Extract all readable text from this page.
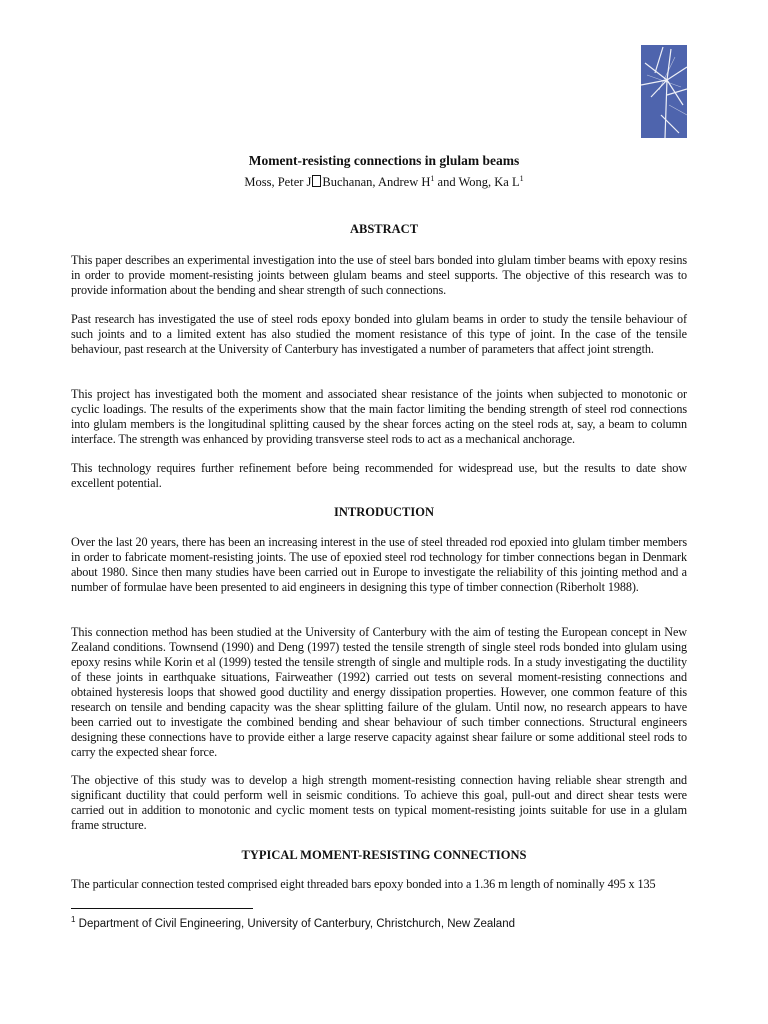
Moment-resisting connections in glulam beams
Moss, Peter J Buchanan, Andrew $H^1$ and Wong, Ka $L^1$
ABSTRACT

This paper describes an experimental investigation into the use of steel bars bonded into glulam timber beams with epoxy resins in order to provide moment-resisting joints between glulam beams and steel supports. The objective of this research was to provide information about the bending and shear strength of such connections.

Past research has investigated the use of steel rods epoxy bonded into glulam beams in order to study the tensile behaviour of such joints and to a limited extent has also studied the moment resistance of this type of joint. In the case of the tensile behaviour, past research at the University of Canterbury has investigated a number of parameters that affect joint strength.

This project has investigated both the moment and associated shear resistance of the joints when subjected to monotonic or cyclic loadings. The results of the experiments show that the main factor limiting the bending strength of steel rod connections into glulam members is the longitudinal splitting caused by the shear forces acting on the steel rods at, say, a beam to column interface. The strength was enhanced by providing transverse steel rods to act as a mechanical anchorage.

This technology requires further refinement before being recommended for widespread use, but the results to date show excellent potential.

INTRODUCTION

Over the last 20 years, there has been an increasing interest in the use of steel threaded rod epoxied into glulam timber members in order to fabricate moment-resisting joints. The use of epoxied steel rod technology for timber connections began in Denmark about 1980. Since then many studies have been carried out in Europe to investigate the reliability of this jointing method and a number of formulae have been presented to aid engineers in designing this type of timber connection (Riberholt 1988).

This connection method has been studied at the University of Canterbury with the aim of testing the European concept in New Zealand conditions. Townsend (1990) and Deng (1997) tested the tensile strength of single steel rods bonded into glulam using epoxy resins while Korin et al (1999) tested the tensile strength of single and multiple rods. In a study investigating the ductility of these joints in earthquake situations, Fairweather (1992) carried out tests on several moment-resisting connections and obtained hysteresis loops that showed good ductility and energy dissipation properties. However, one common feature of this research on tensile and bending capacity was the shear splitting failure of the glulam. Until now, no research appears to have been carried out to investigate the combined bending and shear behaviour of such timber connections. Structural engineers designing these connections have to provide either a large reserve capacity against shear failure or some additional steel rods to carry the expected shear force.

The objective of this study was to develop a high strength moment-resisting connection having reliable shear strength and significant ductility that could perform well in seismic conditions. To achieve this goal, pull-out and direct shear tests were carried out in addition to monotonic and cyclic moment tests on typical moment-resisting joints suitable for use in a glulam frame structure.

TYPICAL MOMENT-RESISTING CONNECTIONS

The particular connection tested comprised eight threaded bars epoxy bonded into a 1.36 m length of nominally 495 x 135

$^1$ Department of Civil Engineering, University of Canterbury, Christchurch, New Zealand
